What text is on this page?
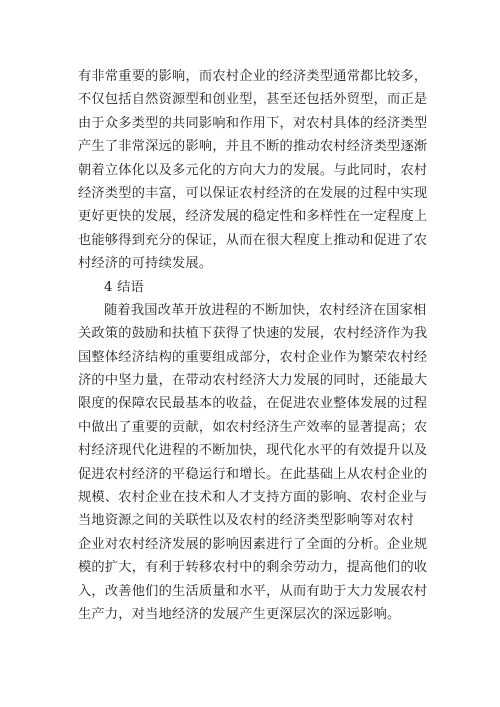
有非常重要的影响，而农村企业的经济类型通常都比较多，
不仅包括自然资源型和创业型，甚至还包括外贸型，而正是
由于众多类型的共同影响和作用下，对农村具体的经济类型
产生了非常深远的影响，并且不断的推动农村经济类型逐渐
朝着立体化以及多元化的方向大力的发展。与此同时，农村
经济类型的丰富，可以保证农村经济的在发展的过程中实现
更好更快的发展，经济发展的稳定性和多样性在一定程度上
也能够得到充分的保证，从而在很大程度上推动和促进了农
村经济的可持续发展。
4 结语
随着我国改革开放进程的不断加快，农村经济在国家相
关政策的鼓励和扶植下获得了快速的发展，农村经济作为我
国整体经济结构的重要组成部分，农村企业作为繁荣农村经
济的中坚力量，在带动农村经济大力发展的同时，还能最大
限度的保障农民最基本的收益，在促进农业整体发展的过程
中做出了重要的贡献，如农村经济生产效率的显著提高；农
村经济现代化进程的不断加快，现代化水平的有效提升以及
促进农村经济的平稳运行和增长。在此基础上从农村企业的
规模、农村企业在技术和人才支持方面的影响、农村企业与
当地资源之间的关联性以及农村的经济类型影响等对农村
企业对农村经济发展的影响因素进行了全面的分析。企业规
模的扩大，有利于转移农村中的剩余劳动力，提高他们的收
入，改善他们的生活质量和水平，从而有助于大力发展农村
生产力，对当地经济的发展产生更深层次的深远影响。
